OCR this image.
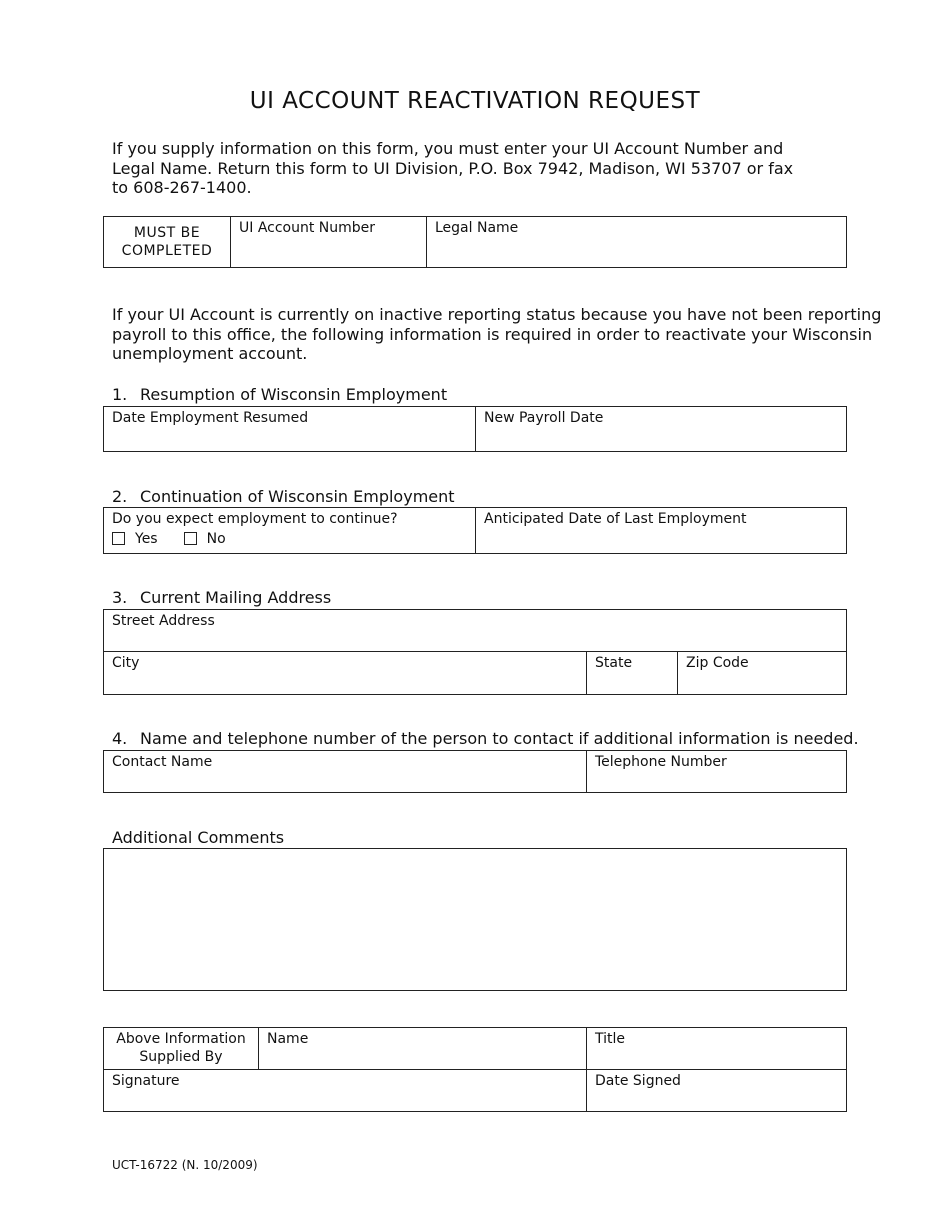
UI ACCOUNT REACTIVATION REQUEST
If you supply information on this form, you must enter your UI Account Number and
Legal Name. Return this form to UI Division, P.O. Box 7942, Madison, WI 53707 or fax
to 608-267-1400.
MUST BE
COMPLETED
	UI Account Number	Legal Name
If your UI Account is currently on inactive reporting status because you have not been reporting
payroll to this office, the following information is required in order to reactivate your Wisconsin
unemployment account.
1. Resumption of Wisconsin Employment
Date Employment Resumed	New Payroll Date
2. Continuation of Wisconsin Employment
Do you expect employment to continue?
Yes	No
	Anticipated Date of Last Employment
3. Current Mailing Address
Street Address
City	State	Zip Code
4. Name and telephone number of the person to contact if additional information is needed.
Contact Name	Telephone Number
Additional Comments
Above Information
Supplied By	Name	Title
Signature		Date Signed
UCT-16722 (N. 10/2009)
